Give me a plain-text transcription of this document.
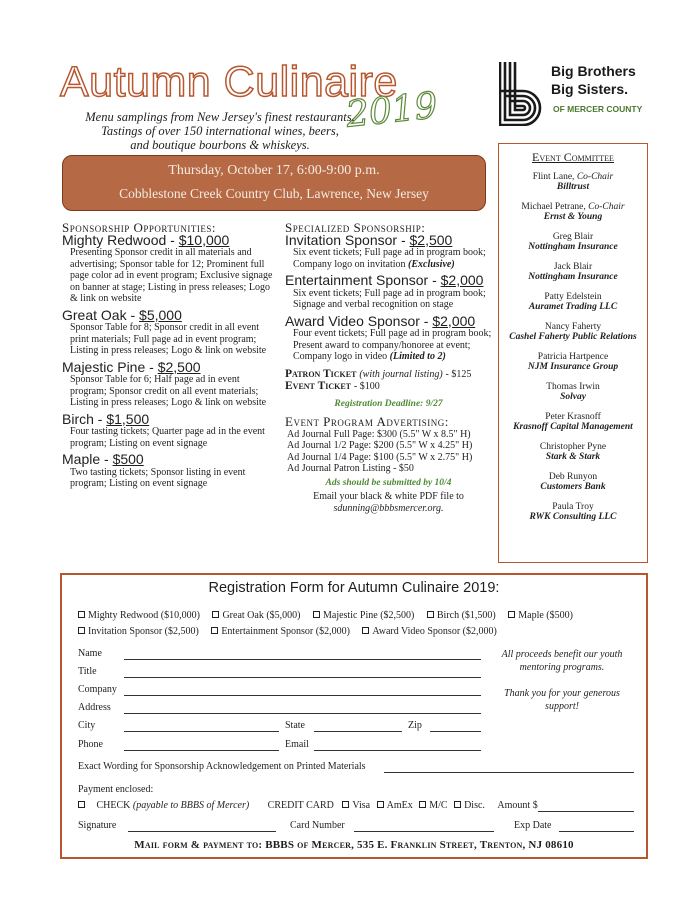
Autumn Culinaire
2019
Menu samplings from New Jersey's finest restaurants.
Tastings of over 150 international wines, beers,
and boutique bourbons & whiskeys.
Big Brothers
Big Sisters.
OF MERCER COUNTY
Thursday, October 17, 6:00-9:00 p.m.
Cobblestone Creek Country Club, Lawrence, New Jersey
Sponsorship Opportunities:
Mighty Redwood - $10,000
Presenting Sponsor credit in all materials and advertising; Sponsor table for 12; Prominent full page color ad in event program; Exclusive signage on banner at stage; Listing in press releases; Logo & link on website
Great Oak - $5,000
Sponsor Table for 8; Sponsor credit in all event print materials; Full page ad in event program; Listing in press releases; Logo & link on website
Majestic Pine - $2,500
Sponsor Table for 6; Half page ad in event program; Sponsor credit on all event materials; Listing in press releases; Logo & link on website
Birch - $1,500
Four tasting tickets; Quarter page ad in the event program; Listing on event signage
Maple - $500
Two tasting tickets; Sponsor listing in event program; Listing on event signage
Specialized Sponsorship:
Invitation Sponsor - $2,500
Six event tickets; Full page ad in program book; Company logo on invitation (Exclusive)
Entertainment Sponsor - $2,000
Six event tickets; Full page ad in program book; Signage and verbal recognition on stage
Award Video Sponsor - $2,000
Four event tickets; Full page ad in program book; Present award to company/honoree at event; Company logo in video (Limited to 2)
Patron Ticket (with journal listing) - $125
Event Ticket - $100
Registration Deadline: 9/27
Event Program Advertising:
Ad Journal Full Page: $300 (5.5" W x 8.5" H)
Ad Journal 1/2 Page: $200 (5.5" W x 4.25" H)
Ad Journal 1/4 Page: $100 (5.5" W x 2.75" H)
Ad Journal Patron Listing - $50
Ads should be submitted by 10/4
Email your black & white PDF file to
sdunning@bbbsmercer.org.
Event Committee
Flint Lane, Co-Chair
Billtrust
Michael Petrane, Co-Chair
Ernst & Young
Greg Blair
Nottingham Insurance
Jack Blair
Nottingham Insurance
Patty Edelstein
Auramet Trading LLC
Nancy Faherty
Cashel Faherty Public Relations
Patricia Hartpence
NJM Insurance Group
Thomas Irwin
Solvay
Peter Krasnoff
Krasnoff Capital Management
Christopher Pyne
Stark & Stark
Deb Runyon
Customers Bank
Paula Troy
RWK Consulting LLC
Registration Form for Autumn Culinaire 2019:
Mighty Redwood ($10,000) Great Oak ($5,000) Majestic Pine ($2,500) Birch ($1,500) Maple ($500)
Invitation Sponsor ($2,500) Entertainment Sponsor ($2,000) Award Video Sponsor ($2,000)
Name
Title
Company
Address
City	State	Zip
Phone	Email
All proceeds benefit our youth mentoring programs.
Thank you for your generous support!
Exact Wording for Sponsorship Acknowledgement on Printed Materials
Payment enclosed:
CHECK (payable to BBBS of Mercer) CREDIT CARD Visa AmEx M/C Disc. Amount $
Signature	Card Number	Exp Date
Mail form & payment to: BBBS of Mercer, 535 E. Franklin Street, Trenton, NJ 08610
